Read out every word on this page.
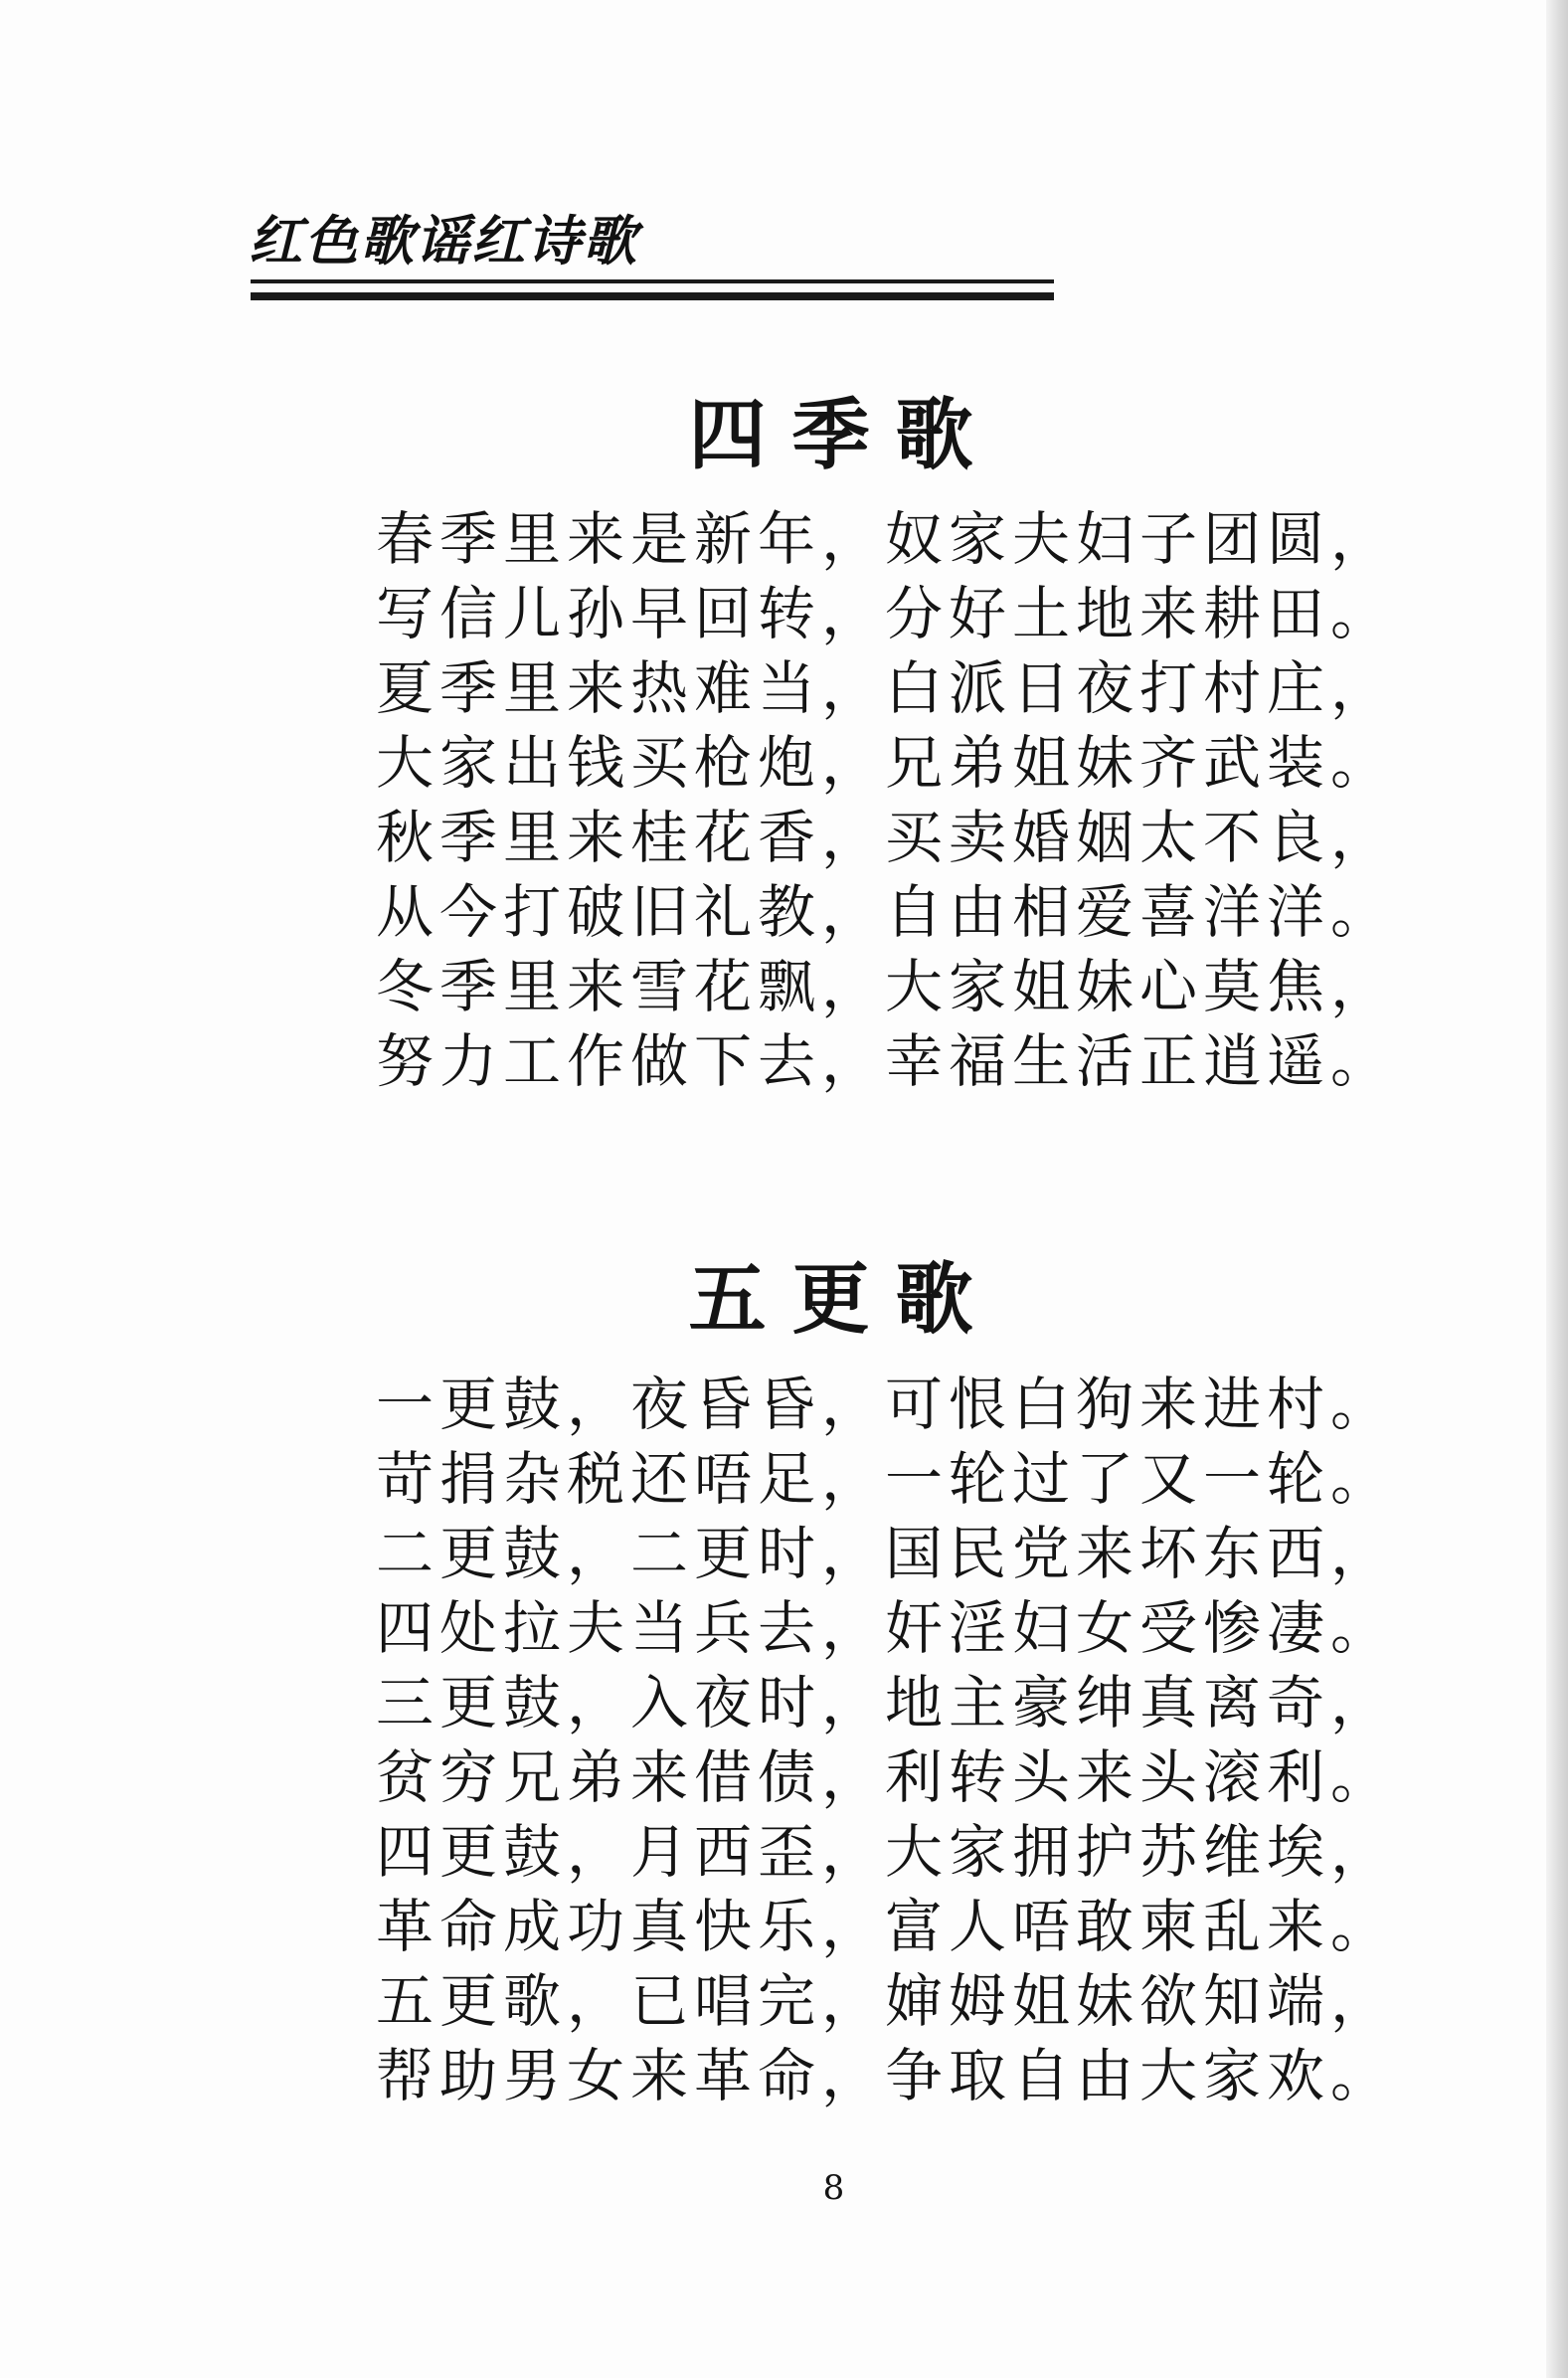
红色歌谣红诗歌
四季歌
春季里来是新年，奴家夫妇子团圆，
写信儿孙早回转，分好土地来耕田。
夏季里来热难当，白派日夜打村庄，
大家出钱买枪炮，兄弟姐妹齐武装。
秋季里来桂花香，买卖婚姻太不良，
从今打破旧礼教，自由相爱喜洋洋。
冬季里来雪花飘，大家姐妹心莫焦，
努力工作做下去，幸福生活正逍遥。
五更歌
一更鼓，夜昏昏，可恨白狗来进村。
苛捐杂税还唔足，一轮过了又一轮。
二更鼓，二更时，国民党来坏东西，
四处拉夫当兵去，奸淫妇女受惨凄。
三更鼓，入夜时，地主豪绅真离奇，
贫穷兄弟来借债，利转头来头滚利。
四更鼓，月西歪，大家拥护苏维埃，
革命成功真快乐，富人唔敢柬乱来。
五更歌，已唱完，婶姆姐妹欲知端，
帮助男女来革命，争取自由大家欢。
8
